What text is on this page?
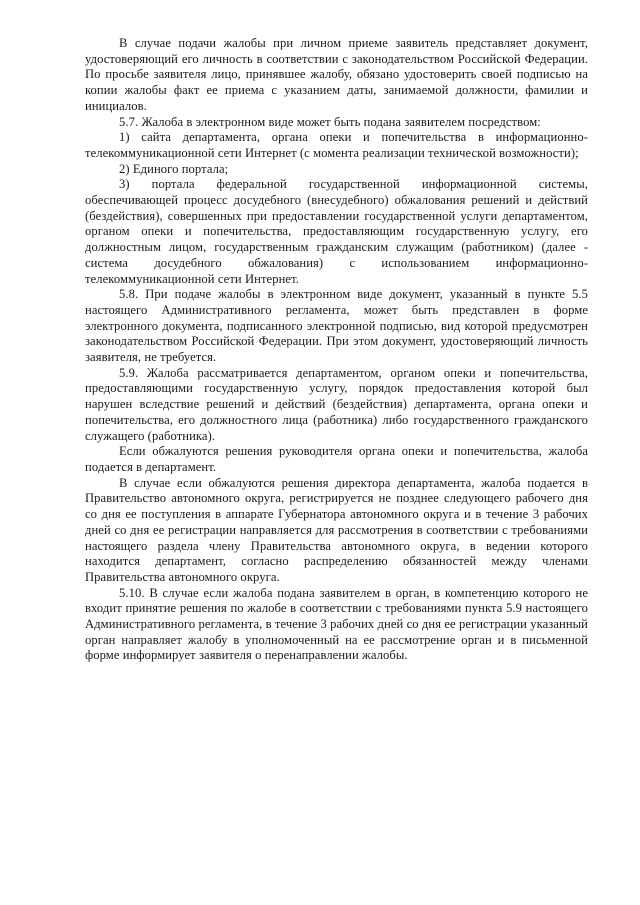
В случае подачи жалобы при личном приеме заявитель представляет документ, удостоверяющий его личность в соответствии с законодательством Российской Федерации. По просьбе заявителя лицо, принявшее жалобу, обязано удостоверить своей подписью на копии жалобы факт ее приема с указанием даты, занимаемой должности, фамилии и инициалов.

5.7. Жалоба в электронном виде может быть подана заявителем посредством:

1) сайта департамента, органа опеки и попечительства в информационно-телекоммуникационной сети Интернет (с момента реализации технической возможности);

2) Единого портала;

3) портала федеральной государственной информационной системы, обеспечивающей процесс досудебного (внесудебного) обжалования решений и действий (бездействия), совершенных при предоставлении государственной услуги департаментом, органом опеки и попечительства, предоставляющим государственную услугу, его должностным лицом, государственным гражданским служащим (работником) (далее - система досудебного обжалования) с использованием информационно-телекоммуникационной сети Интернет.

5.8. При подаче жалобы в электронном виде документ, указанный в пункте 5.5 настоящего Административного регламента, может быть представлен в форме электронного документа, подписанного электронной подписью, вид которой предусмотрен законодательством Российской Федерации. При этом документ, удостоверяющий личность заявителя, не требуется.

5.9. Жалоба рассматривается департаментом, органом опеки и попечительства, предоставляющими государственную услугу, порядок предоставления которой был нарушен вследствие решений и действий (бездействия) департамента, органа опеки и попечительства, его должностного лица (работника) либо государственного гражданского служащего (работника).

Если обжалуются решения руководителя органа опеки и попечительства, жалоба подается в департамент.

В случае если обжалуются решения директора департамента, жалоба подается в Правительство автономного округа, регистрируется не позднее следующего рабочего дня со дня ее поступления в аппарате Губернатора автономного округа и в течение 3 рабочих дней со дня ее регистрации направляется для рассмотрения в соответствии с требованиями настоящего раздела члену Правительства автономного округа, в ведении которого находится департамент, согласно распределению обязанностей между членами Правительства автономного округа.

5.10. В случае если жалоба подана заявителем в орган, в компетенцию которого не входит принятие решения по жалобе в соответствии с требованиями пункта 5.9 настоящего Административного регламента, в течение 3 рабочих дней со дня ее регистрации указанный орган направляет жалобу в уполномоченный на ее рассмотрение орган и в письменной форме информирует заявителя о перенаправлении жалобы.
